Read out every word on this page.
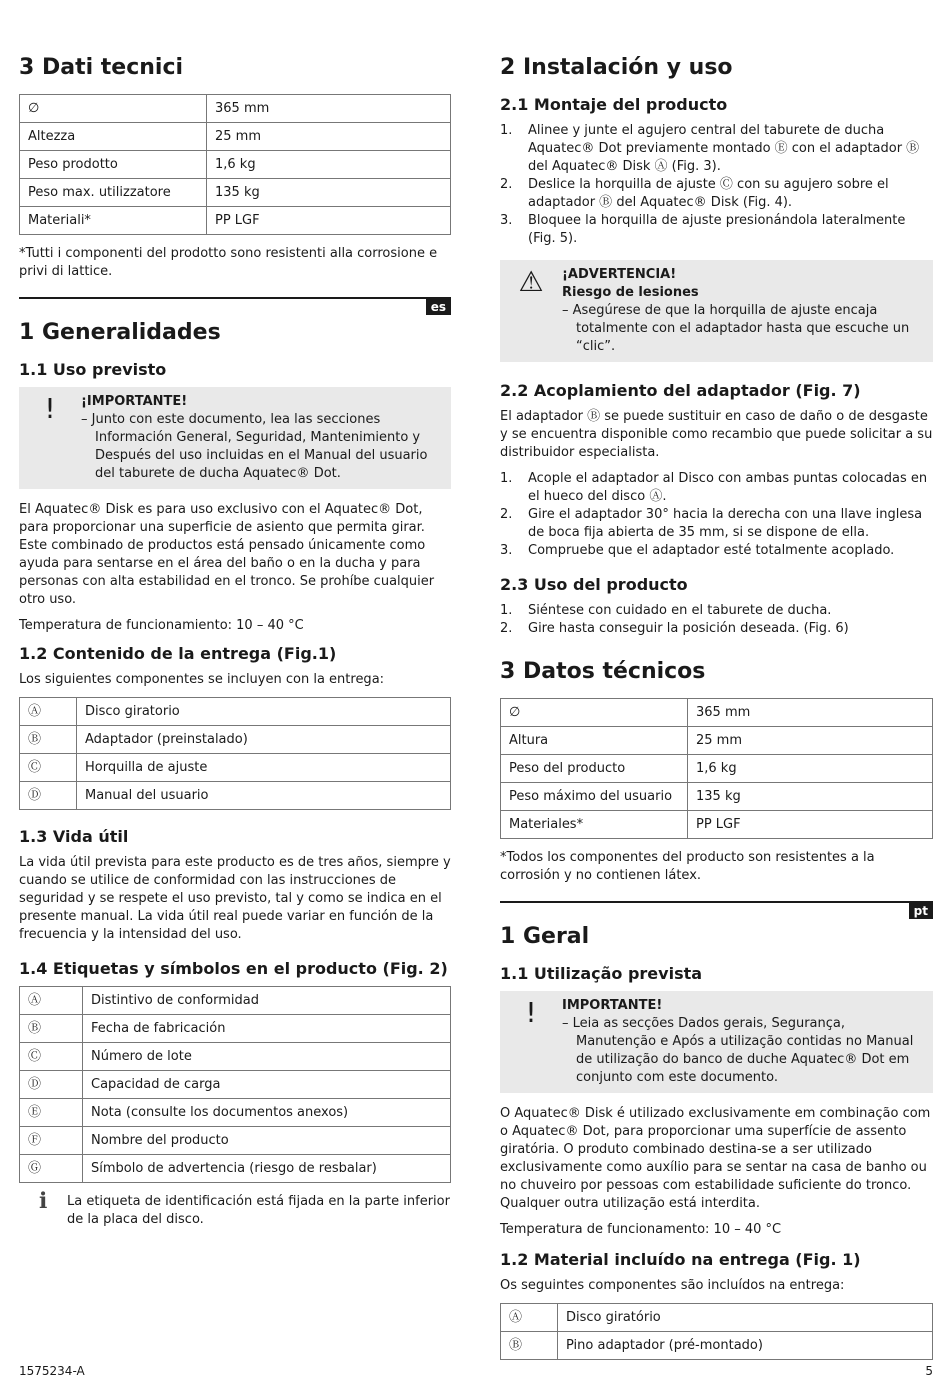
3 Dati tecnici
∅	365 mm
Altezza	25 mm
Peso prodotto	1,6 kg
Peso max. utilizzatore	135 kg
Materiali*	PP LGF

*Tutti i componenti del prodotto sono resistenti alla corrosione e privi di lattice.

es
1 Generalidades
1.1 Uso previsto
!	¡IMPORTANTE!
– Junto con este documento, lea las secciones Información General, Seguridad, Mantenimiento y Después del uso incluidas en el Manual del usuario del taburete de ducha Aquatec® Dot.

El Aquatec® Disk es para uso exclusivo con el Aquatec® Dot, para proporcionar una superficie de asiento que permita girar. Este combinado de productos está pensado únicamente como ayuda para sentarse en el área del baño o en la ducha y para personas con alta estabilidad en el tronco. Se prohíbe cualquier otro uso.

Temperatura de funcionamiento: 10 – 40 °C

1.2 Contenido de la entrega (Fig.1)

Los siguientes componentes se incluyen con la entrega:

Ⓐ	Disco giratorio
Ⓑ	Adaptador (preinstalado)
Ⓒ	Horquilla de ajuste
Ⓓ	Manual del usuario
1.3 Vida útil

La vida útil prevista para este producto es de tres años, siempre y cuando se utilice de conformidad con las instrucciones de seguridad y se respete el uso previsto, tal y como se indica en el presente manual. La vida útil real puede variar en función de la frecuencia y la intensidad del uso.

1.4 Etiquetas y símbolos en el producto (Fig. 2)
Ⓐ	Distintivo de conformidad
Ⓑ	Fecha de fabricación
Ⓒ	Número de lote
Ⓓ	Capacidad de carga
Ⓔ	Nota (consulte los documentos anexos)
Ⓕ	Nombre del producto
Ⓖ	Símbolo de advertencia (riesgo de resbalar)
ℹ	La etiqueta de identificación está fijada en la parte inferior de la placa del disco.
2 Instalación y uso
2.1 Montaje del producto
1.	Alinee y junte el agujero central del taburete de ducha Aquatec® Dot previamente montado Ⓔ con el adaptador Ⓑ del Aquatec® Disk Ⓐ (Fig. 3).
2.	Deslice la horquilla de ajuste Ⓒ con su agujero sobre el adaptador Ⓑ del Aquatec® Disk (Fig. 4).
3.	Bloquee la horquilla de ajuste presionándola lateralmente (Fig. 5).
⚠	¡ADVERTENCIA!
Riesgo de lesiones
– Asegúrese de que la horquilla de ajuste encaja totalmente con el adaptador hasta que escuche un “clic”.
2.2 Acoplamiento del adaptador (Fig. 7)

El adaptador Ⓑ se puede sustituir en caso de daño o de desgaste y se encuentra disponible como recambio que puede solicitar a su distribuidor especialista.

1.	Acople el adaptador al Disco con ambas puntas colocadas en el hueco del disco Ⓐ.
2.	Gire el adaptador 30° hacia la derecha con una llave inglesa de boca fija abierta de 35 mm, si se dispone de ella.
3.	Compruebe que el adaptador esté totalmente acoplado.
2.3 Uso del producto
1.	Siéntese con cuidado en el taburete de ducha.
2.	Gire hasta conseguir la posición deseada. (Fig. 6)
3 Datos técnicos
∅	365 mm
Altura	25 mm
Peso del producto	1,6 kg
Peso máximo del usuario	135 kg
Materiales*	PP LGF

*Todos los componentes del producto son resistentes a la corrosión y no contienen látex.

pt
1 Geral
1.1 Utilização prevista
!	IMPORTANTE!
– Leia as secções Dados gerais, Segurança, Manutenção e Após a utilização contidas no Manual de utilização do banco de duche Aquatec® Dot em conjunto com este documento.

O Aquatec® Disk é utilizado exclusivamente em combinação com o Aquatec® Dot, para proporcionar uma superfície de assento giratória. O produto combinado destina-se a ser utilizado exclusivamente como auxílio para se sentar na casa de banho ou no chuveiro por pessoas com estabilidade suficiente do tronco. Qualquer outra utilização está interdita.

Temperatura de funcionamento: 10 – 40 °C

1.2 Material incluído na entrega (Fig. 1)

Os seguintes componentes são incluídos na entrega:

Ⓐ	Disco giratório
Ⓑ	Pino adaptador (pré-montado)
1575234-A	5
